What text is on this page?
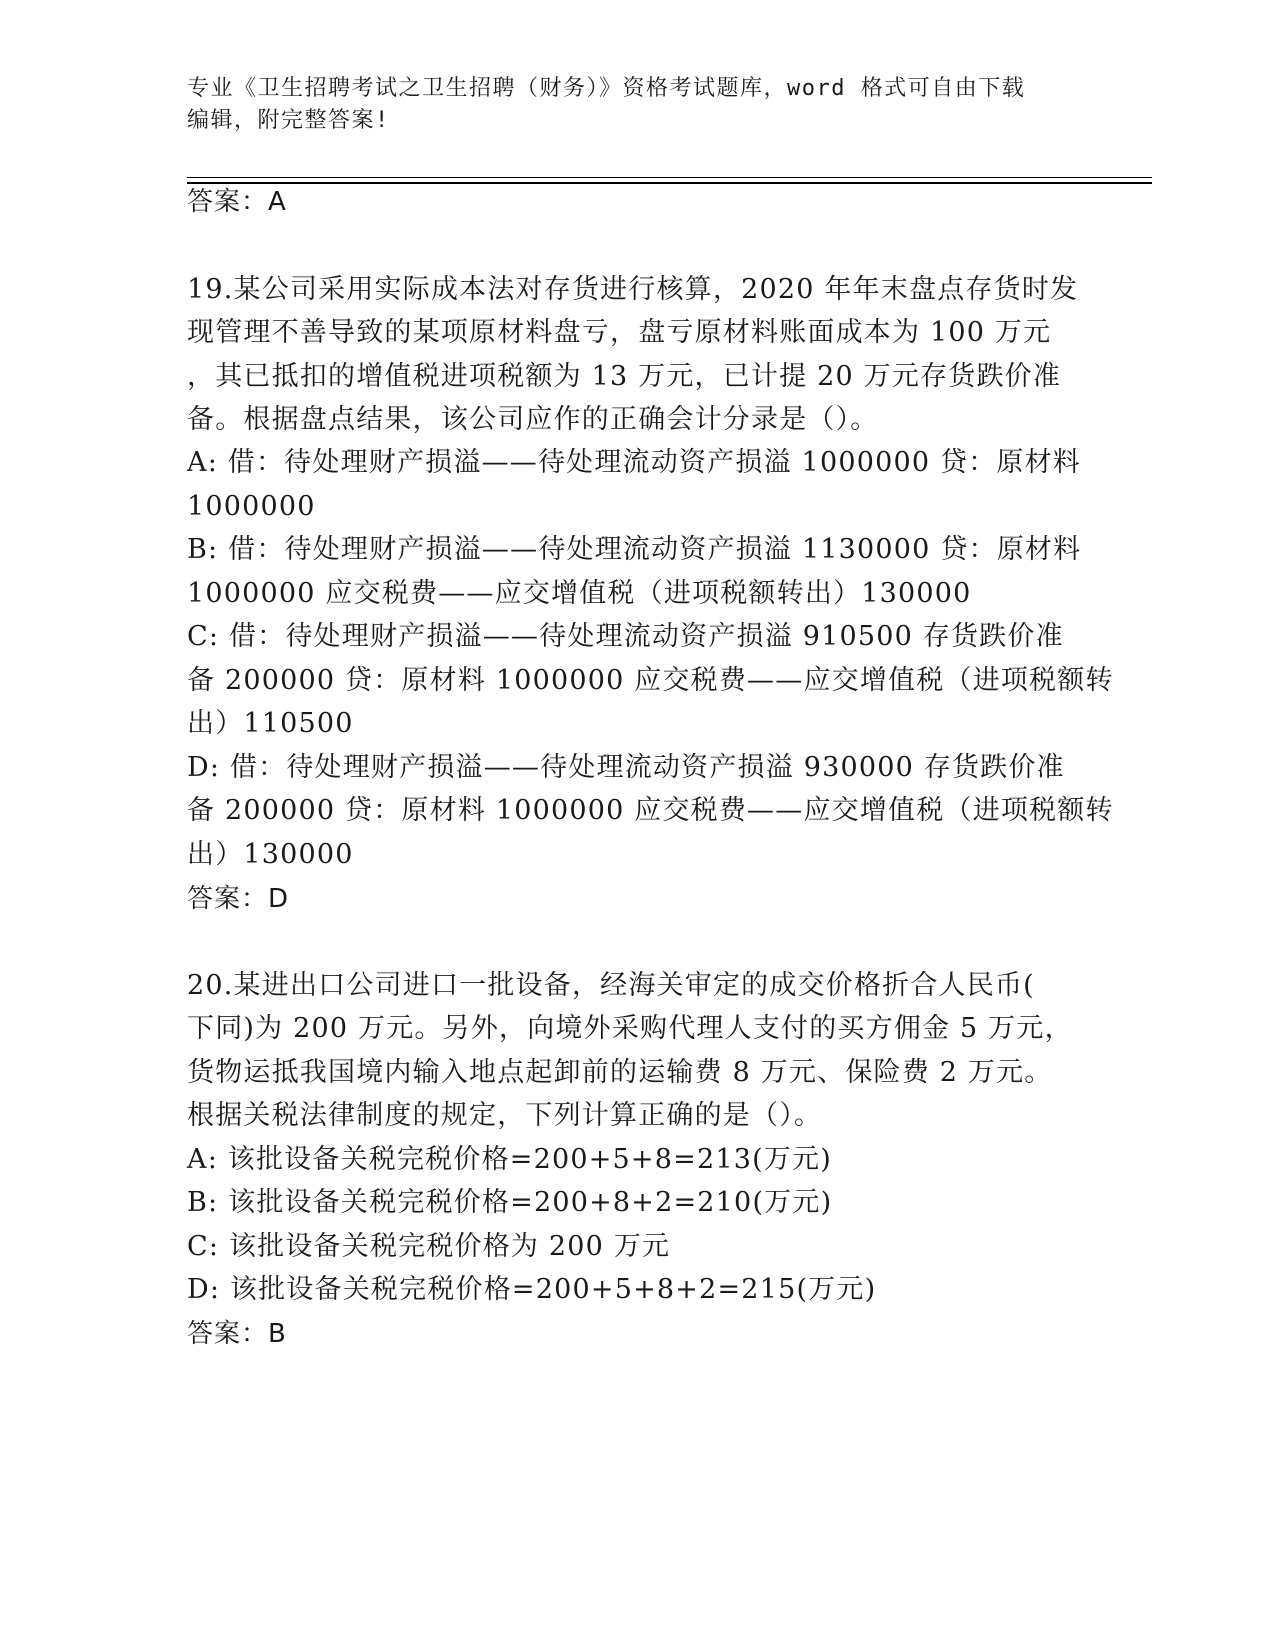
专业《卫生招聘考试之卫生招聘（财务）》资格考试题库，word 格式可自由下载
编辑，附完整答案!
答案：A
19.某公司采用实际成本法对存货进行核算，2020 年年末盘点存货时发
现管理不善导致的某项原材料盘亏，盘亏原材料账面成本为 100 万元
，其已抵扣的增值税进项税额为 13 万元，已计提 20 万元存货跌价准
备。根据盘点结果，该公司应作的正确会计分录是（）。
A: 借：待处理财产损溢——待处理流动资产损溢 1000000 贷：原材料
1000000
B: 借：待处理财产损溢——待处理流动资产损溢 1130000 贷：原材料
1000000 应交税费——应交增值税（进项税额转出）130000
C: 借：待处理财产损溢——待处理流动资产损溢 910500 存货跌价准
备 200000 贷：原材料 1000000 应交税费——应交增值税（进项税额转
出）110500
D: 借：待处理财产损溢——待处理流动资产损溢 930000 存货跌价准
备 200000 贷：原材料 1000000 应交税费——应交增值税（进项税额转
出）130000
答案：D
20.某进出口公司进口一批设备，经海关审定的成交价格折合人民币(
下同)为 200 万元。另外，向境外采购代理人支付的买方佣金 5 万元，
货物运抵我国境内输入地点起卸前的运输费 8 万元、保险费 2 万元。
根据关税法律制度的规定，下列计算正确的是（）。
A: 该批设备关税完税价格=200+5+8=213(万元)
B: 该批设备关税完税价格=200+8+2=210(万元)
C: 该批设备关税完税价格为 200 万元
D: 该批设备关税完税价格=200+5+8+2=215(万元)
答案：B
